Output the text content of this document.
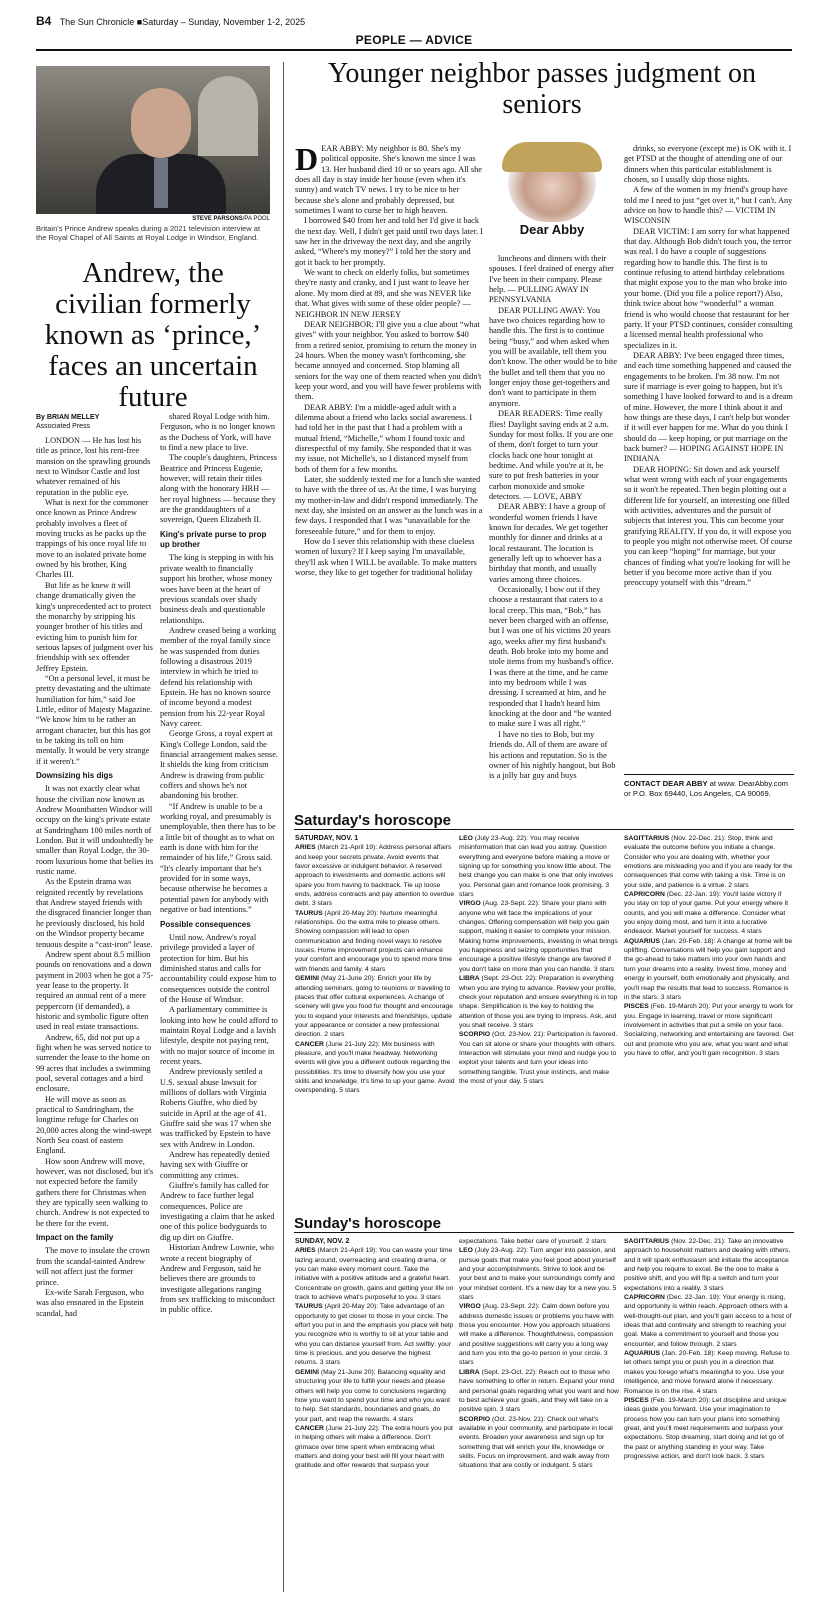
B4 The Sun Chronicle ■Saturday – Sunday, November 1-2, 2025
PEOPLE — ADVICE
STEVE PARSONS/PA POOL
Britain's Prince Andrew speaks during a 2021 television interview at the Royal Chapel of All Saints at Royal Lodge in Windsor, England.
Andrew, the civilian formerly known as ‘prince,’ faces an uncertain future
By BRIAN MELLEY
Associated Press

LONDON — He has lost his title as prince, lost his rent-free mansion on the sprawling grounds next to Windsor Castle and lost whatever remained of his reputation in the public eye.

What is next for the commoner once known as Prince Andrew probably involves a fleet of moving trucks as he packs up the trappings of his once royal life to move to an isolated private home owned by his brother, King Charles III.

But life as he knew it will change dramatically given the king's unprecedented act to protect the monarchy by stripping his younger brother of his titles and evicting him to punish him for serious lapses of judgment over his friendship with sex offender Jeffrey Epstein.

“On a personal level, it must be pretty devastating and the ultimate humiliation for him,” said Joe Little, editor of Majesty Magazine. “We know him to be rather an arrogant character, but this has got to be taking its toll on him mentally. It would be very strange if it weren't.”

Downsizing his digs

It was not exactly clear what house the civilian now known as Andrew Mountbatten Windsor will occupy on the king's private estate at Sandringham 100 miles north of London. But it will undoubtedly be smaller than Royal Lodge, the 30-room luxurious home that belies its rustic name.

As the Epstein drama was reignited recently by revelations that Andrew stayed friends with the disgraced financier longer than he previously disclosed, his hold on the Windsor property became tenuous despite a “cast-iron” lease.

Andrew spent about 8.5 million pounds on renovations and a down payment in 2003 when he got a 75-year lease to the property. It required an annual rent of a mere peppercorn (if demanded), a historic and symbolic figure often used in real estate transactions.

Andrew, 65, did not put up a fight when he was served notice to surrender the lease to the home on 99 acres that includes a swimming pool, several cottages and a bird enclosure.

He will move as soon as practical to Sandringham, the longtime refuge for Charles on 20,000 acres along the wind-swept North Sea coast of eastern England.

How soon Andrew will move, however, was not disclosed, but it's not expected before the family gathers there for Christmas when they are typically seen walking to church. Andrew is not expected to be there for the event.

Impact on the family

The move to insulate the crown from the scandal-tainted Andrew will not affect just the former prince.

Ex-wife Sarah Ferguson, who was also ensnared in the Epstein scandal, had

shared Royal Lodge with him. Ferguson, who is no longer known as the Duchess of York, will have to find a new place to live.

The couple's daughters, Princess Beatrice and Princess Eugenie, however, will retain their titles along with the honorary HRH — her royal highness — because they are the granddaughters of a sovereign, Queen Elizabeth II.

King's private purse to prop up brother

The king is stepping in with his private wealth to financially support his brother, whose money woes have been at the heart of previous scandals over shady business deals and questionable relationships.

Andrew ceased being a working member of the royal family since he was suspended from duties following a disastrous 2019 interview in which he tried to defend his relationship with Epstein. He has no known source of income beyond a modest pension from his 22-year Royal Navy career.

George Gross, a royal expert at King's College London, said the financial arrangement makes sense. It shields the king from criticism Andrew is drawing from public coffers and shows he's not abandoning his brother.

“If Andrew is unable to be a working royal, and presumably is unemployable, then there has to be a little bit of thought as to what on earth is done with him for the remainder of his life,” Gross said. “It's clearly important that he's provided for in some ways, because otherwise he becomes a potential pawn for anybody with negative or bad intentions.”

Possible consequences

Until now, Andrew's royal privilege provided a layer of protection for him. But his diminished status and calls for accountability could expose him to consequences outside the control of the House of Windsor.

A parliamentary committee is looking into how he could afford to maintain Royal Lodge and a lavish lifestyle, despite not paying rent, with no major source of income in recent years.

Andrew previously settled a U.S. sexual abuse lawsuit for millions of dollars with Virginia Roberts Giuffre, who died by suicide in April at the age of 41. Giuffre said she was 17 when she was trafficked by Epstein to have sex with Andrew in London.

Andrew has repeatedly denied having sex with Giuffre or committing any crimes.

Giuffre's family has called for Andrew to face further legal consequences. Police are investigating a claim that he asked one of this police bodyguards to dig up dirt on Giuffre.

Historian Andrew Lownie, who wrote a recent biography of Andrew and Ferguson, said he believes there are grounds to investigate allegations ranging from sex trafficking to misconduct in public office.

Younger neighbor passes judgment on seniors

DEAR ABBY: My neighbor is 80. She's my political opposite. She's known me since I was 13. Her husband died 10 or so years ago. All she does all day is stay inside her house (even when it's sunny) and watch TV news. I try to be nice to her because she's alone and probably depressed, but sometimes I want to curse her to high heaven.

I borrowed $40 from her and told her I'd give it back the next day. Well, I didn't get paid until two days later. I saw her in the driveway the next day, and she angrily asked, “Where's my money?” I told her the story and got it back to her promptly.

We want to check on elderly folks, but sometimes they're nasty and cranky, and I just want to leave her alone. My mom died at 89, and she was NEVER like that. What gives with some of these older people? — NEIGHBOR IN NEW JERSEY

DEAR NEIGHBOR: I'll give you a clue about “what gives” with your neighbor. You asked to borrow $40 from a retired senior, promising to return the money in 24 hours. When the money wasn't forthcoming, she became annoyed and concerned. Stop blaming all seniors for the way one of them reacted when you didn't keep your word, and you will have fewer problems with them.

DEAR ABBY: I'm a middle-aged adult with a dilemma about a friend who lacks social awareness. I had told her in the past that I had a problem with a mutual friend, “Michelle,” whom I found toxic and disrespectful of my family. She responded that it was my issue, not Michelle's, so I distanced myself from both of them for a few months.

Later, she suddenly texted me for a lunch she wanted to have with the three of us. At the time, I was burying my mother-in-law and didn't respond immediately. The next day, she insisted on an answer as the lunch was in a few days. I responded that I was “unavailable for the foreseeable future,” and for them to enjoy.

How do I sever this relationship with these clueless women of luxury? If I keep saying I'm unavailable, they'll ask when I WILL be available. To make matters worse, they like to get together for traditional holiday

Dear Abby

luncheons and dinners with their spouses. I feel drained of energy after I've been in their company. Please help. — PULLING AWAY IN PENNSYLVANIA

DEAR PULLING AWAY: You have two choices regarding how to handle this. The first is to continue being “busy,” and when asked when you will be available, tell them you don't know. The other would be to bite the bullet and tell them that you no longer enjoy those get-togethers and don't want to participate in them anymore.

DEAR READERS: Time really flies! Daylight saving ends at 2 a.m. Sunday for most folks. If you are one of them, don't forget to turn your clocks back one hour tonight at bedtime. And while you're at it, be sure to put fresh batteries in your carbon monoxide and smoke detectors. — LOVE, ABBY

DEAR ABBY: I have a group of wonderful women friends I have known for decades. We get together monthly for dinner and drinks at a local restaurant. The location is generally left up to whoever has a birthday that month, and usually varies among three choices.

Occasionally, I bow out if they choose a restaurant that caters to a local creep. This man, “Bob,” has never been charged with an offense, but I was one of his victims 20 years ago, weeks after my first husband's death. Bob broke into my home and stole items from my husband's office. I was there at the time, and he came into my bedroom while I was dressing. I screamed at him, and he responded that I hadn't heard him knocking at the door and “he wanted to make sure I was all right.”

I have no ties to Bob, but my friends do. All of them are aware of his actions and reputation. So is the owner of his nightly hangout, but Bob is a jolly bar guy and buys

drinks, so everyone (except me) is OK with it. I get PTSD at the thought of attending one of our dinners when this particular establishment is chosen, so I usually skip those nights.

A few of the women in my friend's group have told me I need to just “get over it,” but I can't. Any advice on how to handle this? — VICTIM IN WISCONSIN

DEAR VICTIM: I am sorry for what happened that day. Although Bob didn't touch you, the terror was real. I do have a couple of suggestions regarding how to handle this. The first is to continue refusing to attend birthday celebrations that might expose you to the man who broke into your home. (Did you file a police report?) Also, think twice about how “wonderful” a woman friend is who would choose that restaurant for her party. If your PTSD continues, consider consulting a licensed mental health professional who specializes in it.

DEAR ABBY: I've been engaged three times, and each time something happened and caused the engagements to be broken. I'm 38 now. I'm not sure if marriage is ever going to happen, but it's something I have looked forward to and is a dream of mine. However, the more I think about it and how things are these days, I can't help but wonder if it will ever happen for me. What do you think I should do — keep hoping, or put marriage on the back burner? — HOPING AGAINST HOPE IN INDIANA

DEAR HOPING: Sit down and ask yourself what went wrong with each of your engagements so it won't be repeated. Then begin plotting out a different life for yourself, an interesting one filled with activities, adventures and the pursuit of subjects that interest you. This can become your gratifying REALITY. If you do, it will expose you to people you might not otherwise meet. Of course you can keep “hoping” for marriage, but your chances of finding what you're looking for will be better if you become more active than if you preoccupy yourself with this “dream.”

CONTACT DEAR ABBY at www. DearAbby.com or P.O. Box 69440, Los Angeles, CA 90069.
Saturday's horoscope
SATURDAY, NOV. 1
ARIES (March 21-April 19): Address personal affairs and keep your secrets private. Avoid events that favor excessive or indulgent behavior. A reserved approach to investments and domestic actions will spare you from having to backtrack. Tie up loose ends, address contracts and pay attention to overdue debt. 3 stars
TAURUS (April 20-May 20): Nurture meaningful relationships. Go the extra mile to please others. Showing compassion will lead to open communication and finding novel ways to resolve issues. Home improvement projects can enhance your comfort and encourage you to spend more time with friends and family. 4 stars
GEMINI (May 21-June 20): Enrich your life by attending seminars, going to reunions or traveling to places that offer cultural experiences. A change of scenery will give you food for thought and encourage you to expand your interests and friendships, update your appearance or consider a new professional direction. 2 stars
CANCER (June 21-July 22): Mix business with pleasure, and you'll make headway. Networking events will give you a different outlook regarding the possibilities. It's time to diversify how you use your skills and knowledge. It's time to up your game. Avoid overspending. 5 stars
LEO (July 23-Aug. 22): You may receive misinformation that can lead you astray. Question everything and everyone before making a move or signing up for something you know little about. The best change you can make is one that only involves you. Personal gain and romance look promising. 3 stars
VIRGO (Aug. 23-Sept. 22): Share your plans with anyone who will face the implications of your changes. Offering compensation will help you gain support, making it easier to complete your mission. Making home improvements, investing in what brings you happiness and seizing opportunities that encourage a positive lifestyle change are favored if you don't take on more than you can handle. 3 stars
LIBRA (Sept. 23-Oct. 22): Preparation is everything when you are trying to advance. Review your profile, check your reputation and ensure everything is in top shape. Simplification is the key to holding the attention of those you are trying to impress. Ask, and you shall receive. 3 stars
SCORPIO (Oct. 23-Nov. 21): Participation is favored. You can sit alone or share your thoughts with others. Interaction will stimulate your mind and nudge you to exploit your talents and turn your ideas into something tangible. Trust your instincts, and make the most of your day. 5 stars
SAGITTARIUS (Nov. 22-Dec. 21): Stop, think and evaluate the outcome before you initiate a change. Consider who you are dealing with, whether your emotions are misleading you and if you are ready for the consequences that come with taking a risk. Time is on your side, and patience is a virtue. 2 stars
CAPRICORN (Dec. 22-Jan. 19): You'll taste victory if you stay on top of your game. Put your energy where it counts, and you will make a difference. Consider what you enjoy doing most, and turn it into a lucrative endeavor. Market yourself for success. 4 stars
AQUARIUS (Jan. 20-Feb. 18): A change at home will be uplifting. Conversations will help you gain support and the go-ahead to take matters into your own hands and turn your dreams into a reality. Invest time, money and energy in yourself, both emotionally and physically, and you'll reap the results that lead to success. Romance is in the stars. 3 stars
PISCES (Feb. 19-March 20): Put your energy to work for you. Engage in learning, travel or more significant involvement in activities that put a smile on your face. Socializing, networking and entertaining are favored. Get out and promote who you are, what you want and what you have to offer, and you'll gain recognition. 3 stars
Sunday's horoscope
SUNDAY, NOV. 2
ARIES (March 21-April 19): You can waste your time lazing around, overreacting and creating drama, or you can make every moment count. Take the initiative with a positive attitude and a grateful heart. Concentrate on growth, gains and getting your life on track to achieve what's purposeful to you. 3 stars
TAURUS (April 20-May 20): Take advantage of an opportunity to get closer to those in your circle. The effort you put in and the emphasis you place will help you recognize who is worthy to sit at your table and who you can distance yourself from. Act swiftly; your time is precious, and you deserve the highest returns. 3 stars
GEMINI (May 21-June 20): Balancing equality and structuring your life to fulfill your needs and please others will help you come to conclusions regarding how you want to spend your time and who you want to help. Set standards, boundaries and goals, do your part, and reap the rewards. 4 stars
CANCER (June 21-July 22): The extra hours you put in helping others will make a difference. Don't grimace over time spent when embracing what matters and doing your best will fill your heart with gratitude and offer rewards that surpass your
expectations. Take better care of yourself. 2 stars
LEO (July 23-Aug. 22): Turn anger into passion, and pursue goals that make you feel good about yourself and your accomplishments. Strive to look and be your best and to make your surroundings comfy and your mindset content. It's a new day for a new you. 5 stars
VIRGO (Aug. 23-Sept. 22): Calm down before you address domestic issues or problems you have with those you encounter. How you approach situations will make a difference. Thoughtfulness, compassion and positive suggestions will carry you a long way and turn you into the go-to person in your circle. 3 stars
LIBRA (Sept. 23-Oct. 22): Reach out to those who have something to offer in return. Expand your mind and personal goals regarding what you want and how to best achieve your goals, and they will take on a positive spin. 3 stars
SCORPIO (Oct. 23-Nov. 21): Check out what's available in your community, and participate in local events. Broaden your awareness and sign up for something that will enrich your life, knowledge or skills. Focus on improvement, and walk away from situations that are costly or indulgent. 5 stars
SAGITTARIUS (Nov. 22-Dec. 21): Take an innovative approach to household matters and dealing with others, and it will spark enthusiasm and initiate the acceptance and help you require to excel. Be the one to make a positive shift, and you will flip a switch and turn your expectations into a reality. 3 stars
CAPRICORN (Dec. 22-Jan. 19): Your energy is rising, and opportunity is within reach. Approach others with a well-thought-out plan, and you'll gain access to a host of ideas that add continuity and strength to reaching your goal. Make a commitment to yourself and those you encounter, and follow through. 2 stars
AQUARIUS (Jan. 20-Feb. 18): Keep moving. Refuse to let others tempt you or push you in a direction that makes you forego what's meaningful to you. Use your intelligence, and move forward alone if necessary. Romance is on the rise. 4 stars
PISCES (Feb. 19-March 20): Let discipline and unique ideas guide you forward. Use your imagination to process how you can turn your plans into something great, and you'll meet requirements and surpass your expectations. Stop dreaming, start doing and let go of the past or anything standing in your way. Take progressive action, and don't look back. 3 stars
